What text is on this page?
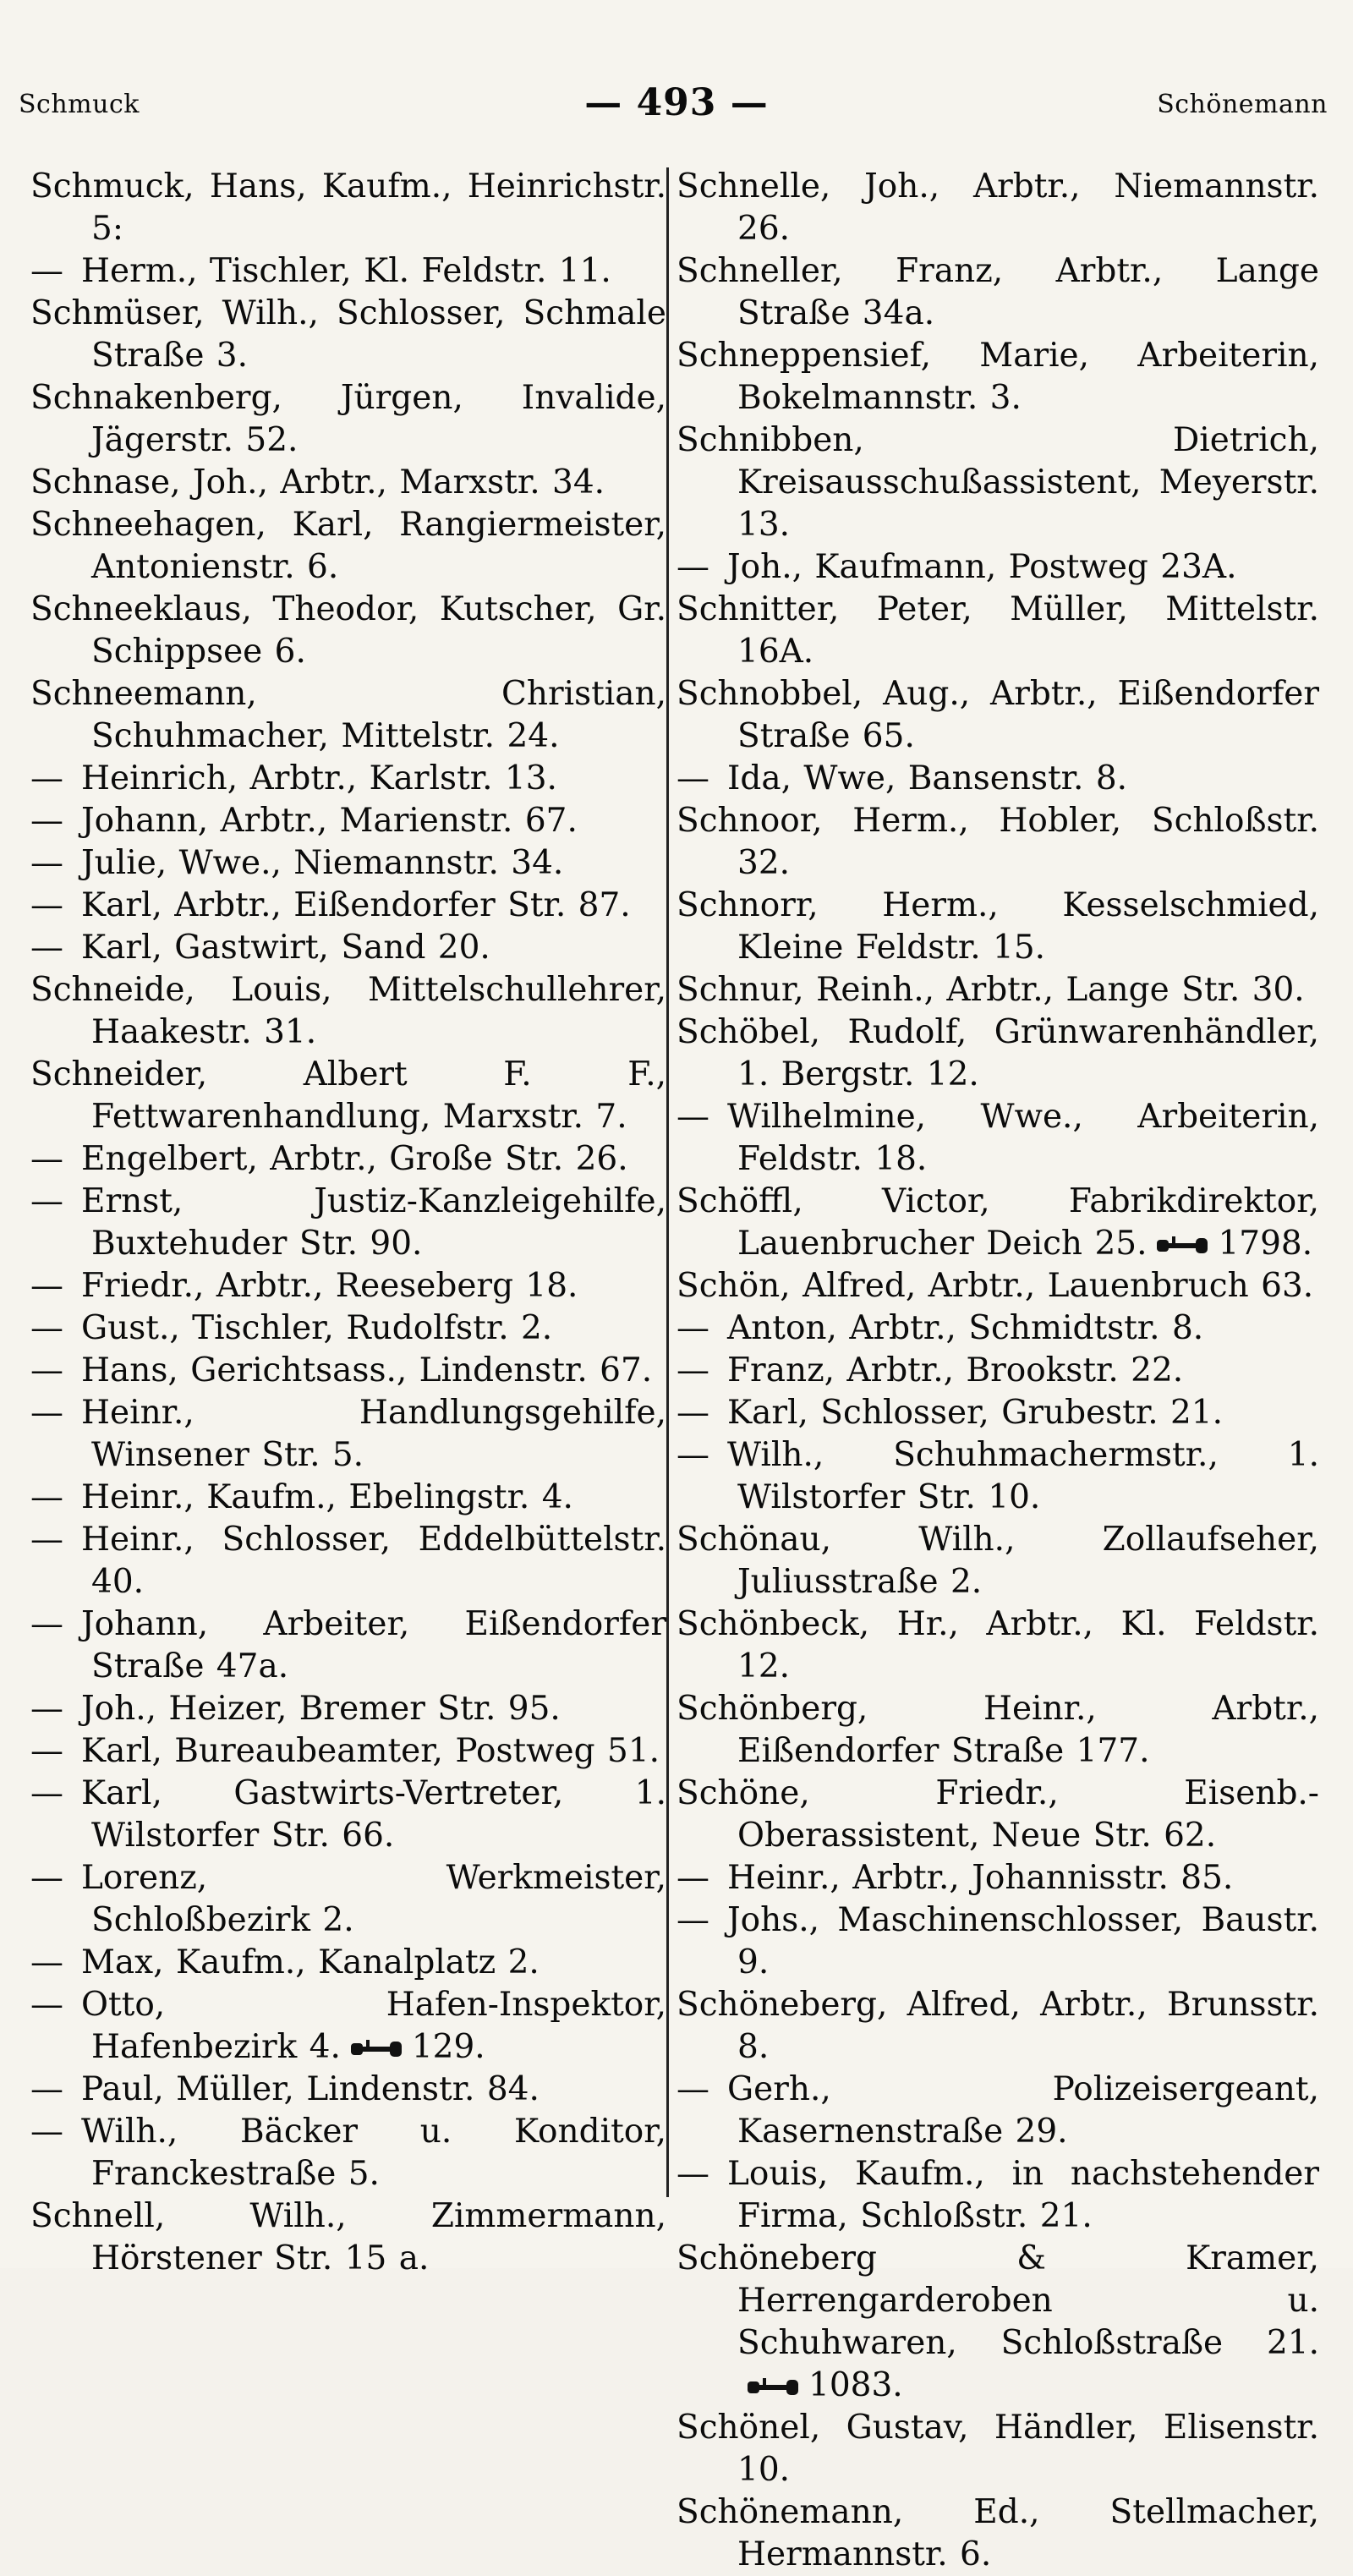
Schmuck	— 493 —	Schönemann

Schmuck, Hans, Kaufm., Heinrichstr. 5:

— Herm., Tischler, Kl. Feldstr. 11.

Schmüser, Wilh., Schlosser, Schmale Straße 3.

Schnakenberg, Jürgen, Invalide, Jägerstr. 52.

Schnase, Joh., Arbtr., Marxstr. 34.

Schneehagen, Karl, Rangiermeister, Antonienstr. 6.

Schneeklaus, Theodor, Kutscher, Gr. Schippsee 6.

Schneemann, Christian, Schuhmacher, Mittelstr. 24.

— Heinrich, Arbtr., Karlstr. 13.

— Johann, Arbtr., Marienstr. 67.

— Julie, Wwe., Niemannstr. 34.

— Karl, Arbtr., Eißendorfer Str. 87.

— Karl, Gastwirt, Sand 20.

Schneide, Louis, Mittelschullehrer, Haakestr. 31.

Schneider, Albert F. F., Fettwarenhandlung, Marxstr. 7.

— Engelbert, Arbtr., Große Str. 26.

— Ernst, Justiz-Kanzleigehilfe, Buxtehuder Str. 90.

— Friedr., Arbtr., Reeseberg 18.

— Gust., Tischler, Rudolfstr. 2.

— Hans, Gerichtsass., Lindenstr. 67.

— Heinr., Handlungsgehilfe, Winsener Str. 5.

— Heinr., Kaufm., Ebelingstr. 4.

— Heinr., Schlosser, Eddelbüttelstr. 40.

— Johann, Arbeiter, Eißendorfer Straße 47a.

— Joh., Heizer, Bremer Str. 95.

— Karl, Bureaubeamter, Postweg 51.

— Karl, Gastwirts-Vertreter, 1. Wilstorfer Str. 66.

— Lorenz, Werkmeister, Schloßbezirk 2.

— Max, Kaufm., Kanalplatz 2.

— Otto, Hafen-Inspektor, Hafenbezirk 4. 129.

— Paul, Müller, Lindenstr. 84.

— Wilh., Bäcker u. Konditor, Franckestraße 5.

Schnell, Wilh., Zimmermann, Hörstener Str. 15 a.

Schnelle, Joh., Arbtr., Niemannstr. 26.

Schneller, Franz, Arbtr., Lange Straße 34a.

Schneppensief, Marie, Arbeiterin, Bokelmannstr. 3.

Schnibben, Dietrich, Kreisausschußassistent, Meyerstr. 13.

— Joh., Kaufmann, Postweg 23A.

Schnitter, Peter, Müller, Mittelstr. 16A.

Schnobbel, Aug., Arbtr., Eißendorfer Straße 65.

— Ida, Wwe, Bansenstr. 8.

Schnoor, Herm., Hobler, Schloßstr. 32.

Schnorr, Herm., Kesselschmied, Kleine Feldstr. 15.

Schnur, Reinh., Arbtr., Lange Str. 30.

Schöbel, Rudolf, Grünwarenhändler, 1. Bergstr. 12.

— Wilhelmine, Wwe., Arbeiterin, Feldstr. 18.

Schöffl, Victor, Fabrikdirektor, Lauenbrucher Deich 25. 1798.

Schön, Alfred, Arbtr., Lauenbruch 63.

— Anton, Arbtr., Schmidtstr. 8.

— Franz, Arbtr., Brookstr. 22.

— Karl, Schlosser, Grubestr. 21.

— Wilh., Schuhmachermstr., 1. Wilstorfer Str. 10.

Schönau, Wilh., Zollaufseher, Juliusstraße 2.

Schönbeck, Hr., Arbtr., Kl. Feldstr. 12.

Schönberg, Heinr., Arbtr., Eißendorfer Straße 177.

Schöne, Friedr., Eisenb.-Oberassistent, Neue Str. 62.

— Heinr., Arbtr., Johannisstr. 85.

— Johs., Maschinenschlosser, Baustr. 9.

Schöneberg, Alfred, Arbtr., Brunsstr. 8.

— Gerh., Polizeisergeant, Kasernenstraße 29.

— Louis, Kaufm., in nachstehender Firma, Schloßstr. 21.

Schöneberg & Kramer, Herrengarderoben u. Schuhwaren, Schloßstraße 21.
1083.

Schönel, Gustav, Händler, Elisenstr. 10.

Schönemann, Ed., Stellmacher, Hermannstr. 6.
